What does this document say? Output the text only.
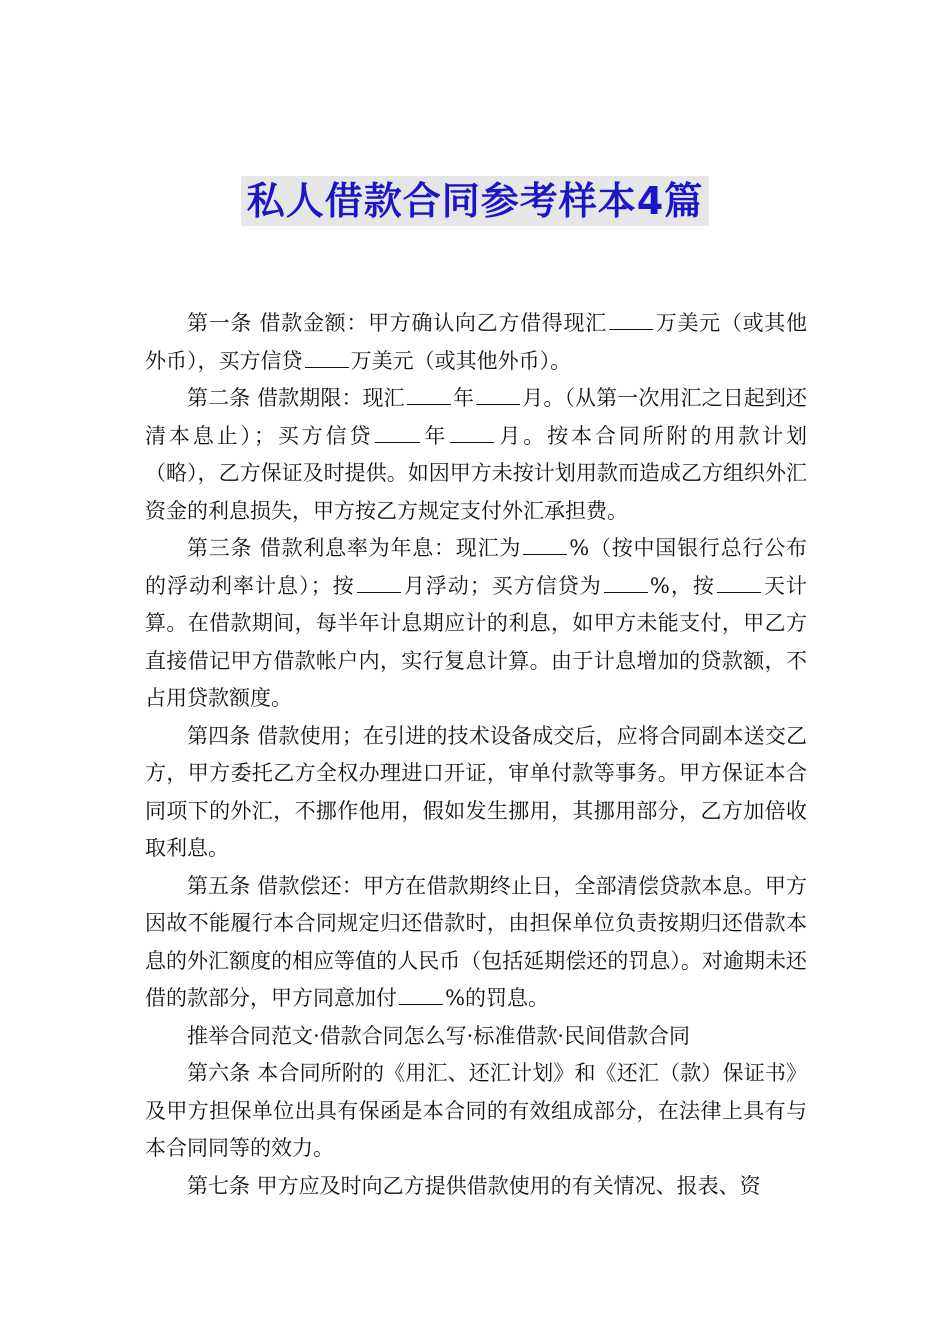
私人借款合同参考样本4篇

第一条 借款金额：甲方确认向乙方借得现汇 万美元（或其他外币），买方信贷 万美元（或其他外币）。

第二条 借款期限：现汇 年 月。（从第一次用汇之日起到还清本息止）；买方信贷 年 月。按本合同所附的用款计划（略），乙方保证及时提供。如因甲方未按计划用款而造成乙方组织外汇资金的利息损失，甲方按乙方规定支付外汇承担费。

第三条 借款利息率为年息：现汇为 %（按中国银行总行公布的浮动利率计息）；按 月浮动；买方信贷为 %，按 天计算。在借款期间，每半年计息期应计的利息，如甲方未能支付，甲乙方直接借记甲方借款帐户内，实行复息计算。由于计息增加的贷款额，不占用贷款额度。

第四条 借款使用；在引进的技术设备成交后，应将合同副本送交乙方，甲方委托乙方全权办理进口开证，审单付款等事务。甲方保证本合同项下的外汇，不挪作他用，假如发生挪用，其挪用部分，乙方加倍收取利息。

第五条 借款偿还：甲方在借款期终止日，全部清偿贷款本息。甲方因故不能履行本合同规定归还借款时，由担保单位负责按期归还借款本息的外汇额度的相应等值的人民币（包括延期偿还的罚息）。对逾期未还借的款部分，甲方同意加付 %的罚息。

推举合同范文·借款合同怎么写·标准借款·民间借款合同

第六条 本合同所附的《用汇、还汇计划》和《还汇（款）保证书》及甲方担保单位出具有保函是本合同的有效组成部分，在法律上具有与本合同同等的效力。

第七条 甲方应及时向乙方提供借款使用的有关情况、报表、资
